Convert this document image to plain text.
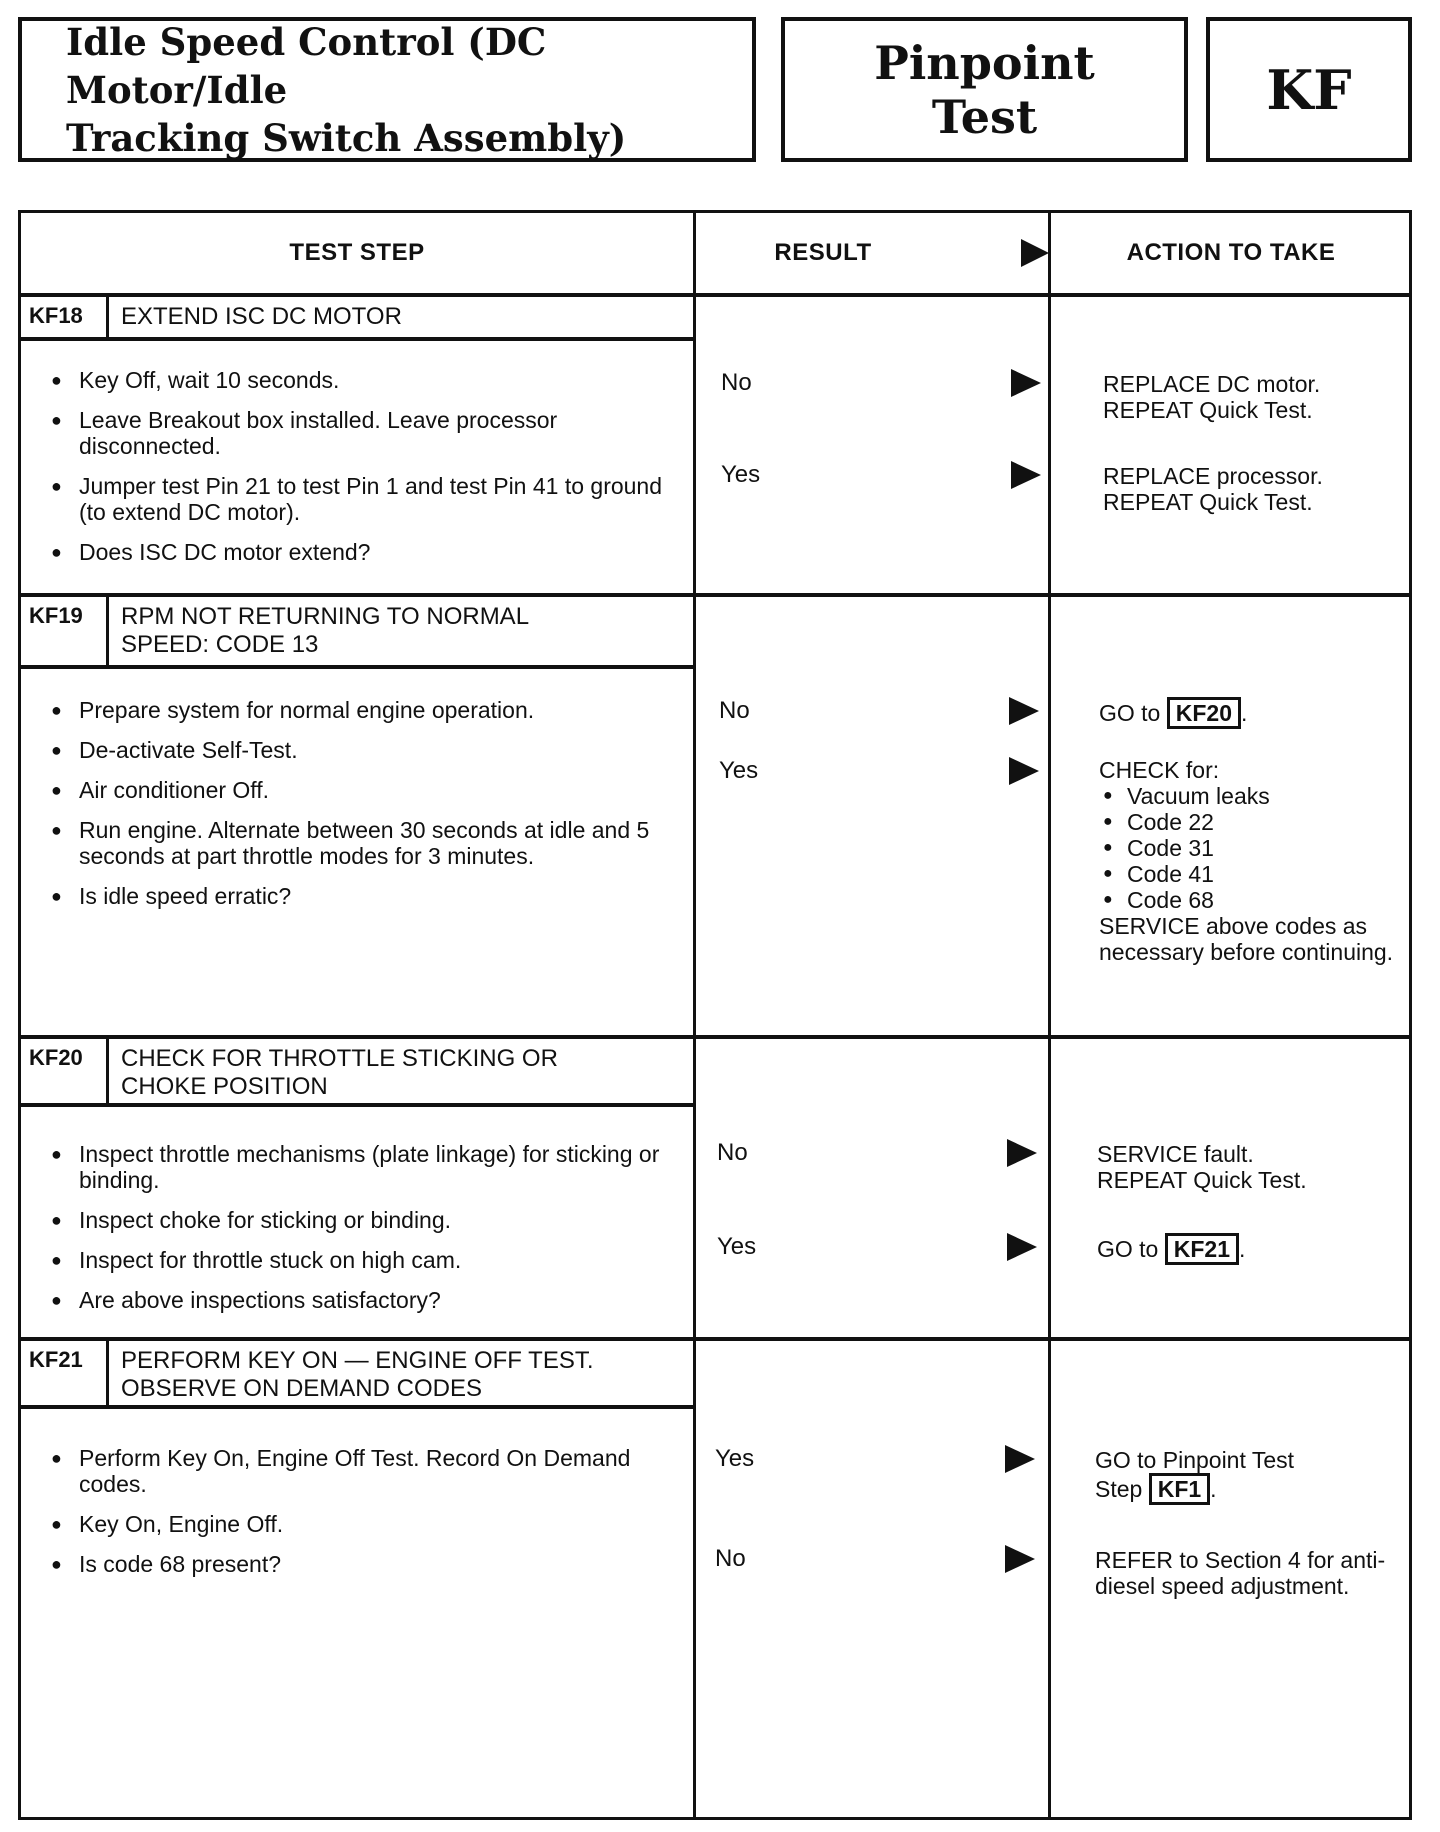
Idle Speed Control (DC Motor/Idle
Tracking Switch Assembly)
Pinpoint
Test	KF
TEST STEP	RESULT	ACTION TO TAKE
KF18	EXTEND ISC DC MOTOR
● Key Off, wait 10 seconds.
● Leave Breakout box installed. Leave processor disconnected.
● Jumper test Pin 21 to test Pin 1 and test Pin 41 to ground (to extend DC motor).
● Does ISC DC motor extend?
No	REPLACE DC motor.
REPEAT Quick Test.
Yes	REPLACE processor.
REPEAT Quick Test.
KF19	RPM NOT RETURNING TO NORMAL
SPEED: CODE 13
● Prepare system for normal engine operation.
● De-activate Self-Test.
● Air conditioner Off.
● Run engine. Alternate between 30 seconds at idle and 5 seconds at part throttle modes for 3 minutes.
● Is idle speed erratic?
No	GO to KF20 .
Yes	CHECK for:
● Vacuum leaks
● Code 22
● Code 31
● Code 41
● Code 68
SERVICE above codes as necessary before continuing.
KF20	CHECK FOR THROTTLE STICKING OR
CHOKE POSITION
● Inspect throttle mechanisms (plate linkage) for sticking or binding.
● Inspect choke for sticking or binding.
● Inspect for throttle stuck on high cam.
● Are above inspections satisfactory?
No	SERVICE fault.
REPEAT Quick Test.
Yes	GO to KF21 .
KF21	PERFORM KEY ON — ENGINE OFF TEST.
OBSERVE ON DEMAND CODES
● Perform Key On, Engine Off Test. Record On Demand codes.
● Key On, Engine Off.
● Is code 68 present?
Yes	GO to Pinpoint Test
Step KF1 .
No	REFER to Section 4 for anti-diesel speed adjustment.
